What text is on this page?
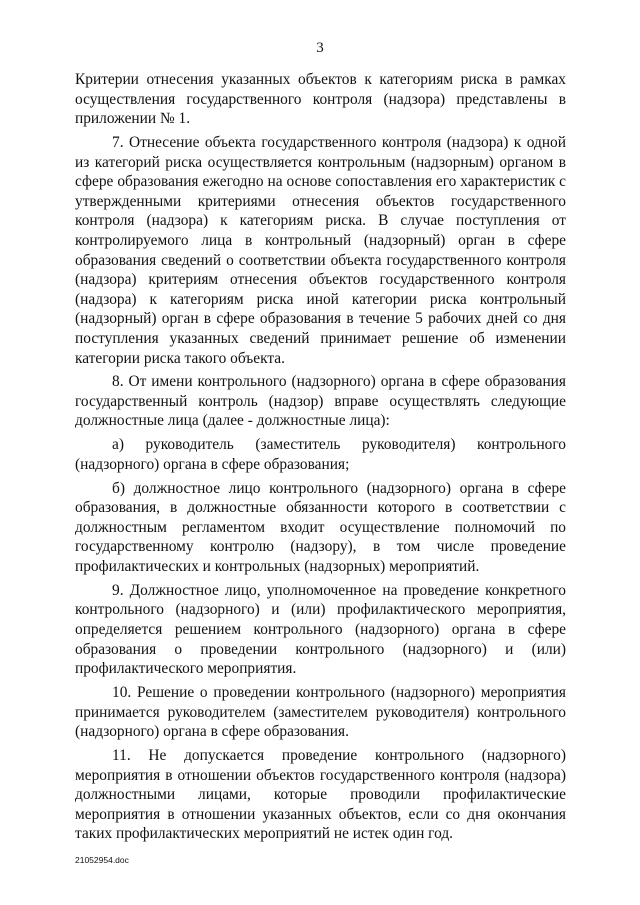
3

Критерии отнесения указанных объектов к категориям риска в рамках осуществления государственного контроля (надзора) представлены в приложении № 1.

7. Отнесение объекта государственного контроля (надзора) к одной из категорий риска осуществляется контрольным (надзорным) органом в сфере образования ежегодно на основе сопоставления его характеристик с утвержденными критериями отнесения объектов государственного контроля (надзора) к категориям риска. В случае поступления от контролируемого лица в контрольный (надзорный) орган в сфере образования сведений о соответствии объекта государственного контроля (надзора) критериям отнесения объектов государственного контроля (надзора) к категориям риска иной категории риска контрольный (надзорный) орган в сфере образования в течение 5 рабочих дней со дня поступления указанных сведений принимает решение об изменении категории риска такого объекта.

8. От имени контрольного (надзорного) органа в сфере образования государственный контроль (надзор) вправе осуществлять следующие должностные лица (далее - должностные лица):

а) руководитель (заместитель руководителя) контрольного (надзорного) органа в сфере образования;

б) должностное лицо контрольного (надзорного) органа в сфере образования, в должностные обязанности которого в соответствии с должностным регламентом входит осуществление полномочий по государственному контролю (надзору), в том числе проведение профилактических и контрольных (надзорных) мероприятий.

9. Должностное лицо, уполномоченное на проведение конкретного контрольного (надзорного) и (или) профилактического мероприятия, определяется решением контрольного (надзорного) органа в сфере образования о проведении контрольного (надзорного) и (или) профилактического мероприятия.

10. Решение о проведении контрольного (надзорного) мероприятия принимается руководителем (заместителем руководителя) контрольного (надзорного) органа в сфере образования.

11. Не допускается проведение контрольного (надзорного) мероприятия в отношении объектов государственного контроля (надзора) должностными лицами, которые проводили профилактические мероприятия в отношении указанных объектов, если со дня окончания таких профилактических мероприятий не истек один год.

21052954.doc
